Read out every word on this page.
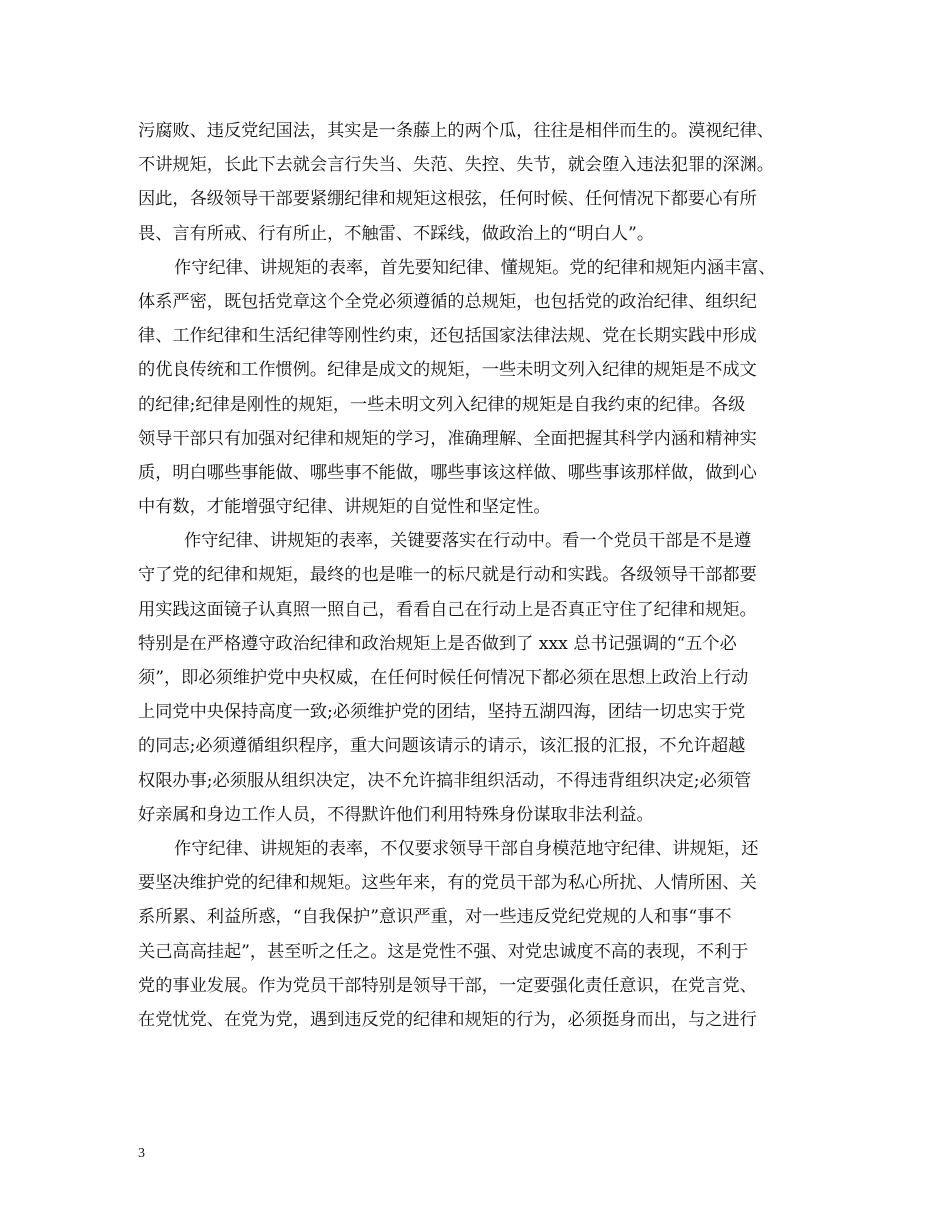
污腐败、违反党纪国法，其实是一条藤上的两个瓜，往往是相伴而生的。漠视纪律、
不讲规矩，长此下去就会言行失当、失范、失控、失节，就会堕入违法犯罪的深渊。
因此，各级领导干部要紧绷纪律和规矩这根弦，任何时候、任何情况下都要心有所
畏、言有所戒、行有所止，不触雷、不踩线，做政治上的“明白人”。
作守纪律、讲规矩的表率，首先要知纪律、懂规矩。党的纪律和规矩内涵丰富、
体系严密，既包括党章这个全党必须遵循的总规矩，也包括党的政治纪律、组织纪
律、工作纪律和生活纪律等刚性约束，还包括国家法律法规、党在长期实践中形成
的优良传统和工作惯例。纪律是成文的规矩，一些未明文列入纪律的规矩是不成文
的纪律;纪律是刚性的规矩，一些未明文列入纪律的规矩是自我约束的纪律。各级
领导干部只有加强对纪律和规矩的学习，准确理解、全面把握其科学内涵和精神实
质，明白哪些事能做、哪些事不能做，哪些事该这样做、哪些事该那样做，做到心
中有数，才能增强守纪律、讲规矩的自觉性和坚定性。
作守纪律、讲规矩的表率，关键要落实在行动中。看一个党员干部是不是遵
守了党的纪律和规矩，最终的也是唯一的标尺就是行动和实践。各级领导干部都要
用实践这面镜子认真照一照自己，看看自己在行动上是否真正守住了纪律和规矩。
特别是在严格遵守政治纪律和政治规矩上是否做到了 xxx 总书记强调的“五个必
须”，即必须维护党中央权威，在任何时候任何情况下都必须在思想上政治上行动
上同党中央保持高度一致;必须维护党的团结，坚持五湖四海，团结一切忠实于党
的同志;必须遵循组织程序，重大问题该请示的请示，该汇报的汇报，不允许超越
权限办事;必须服从组织决定，决不允许搞非组织活动，不得违背组织决定;必须管
好亲属和身边工作人员，不得默许他们利用特殊身份谋取非法利益。
作守纪律、讲规矩的表率，不仅要求领导干部自身模范地守纪律、讲规矩，还
要坚决维护党的纪律和规矩。这些年来，有的党员干部为私心所扰、人情所困、关
系所累、利益所惑，“自我保护”意识严重，对一些违反党纪党规的人和事“事不
关己高高挂起”，甚至听之任之。这是党性不强、对党忠诚度不高的表现，不利于
党的事业发展。作为党员干部特别是领导干部，一定要强化责任意识，在党言党、
在党忧党、在党为党，遇到违反党的纪律和规矩的行为，必须挺身而出，与之进行
3
